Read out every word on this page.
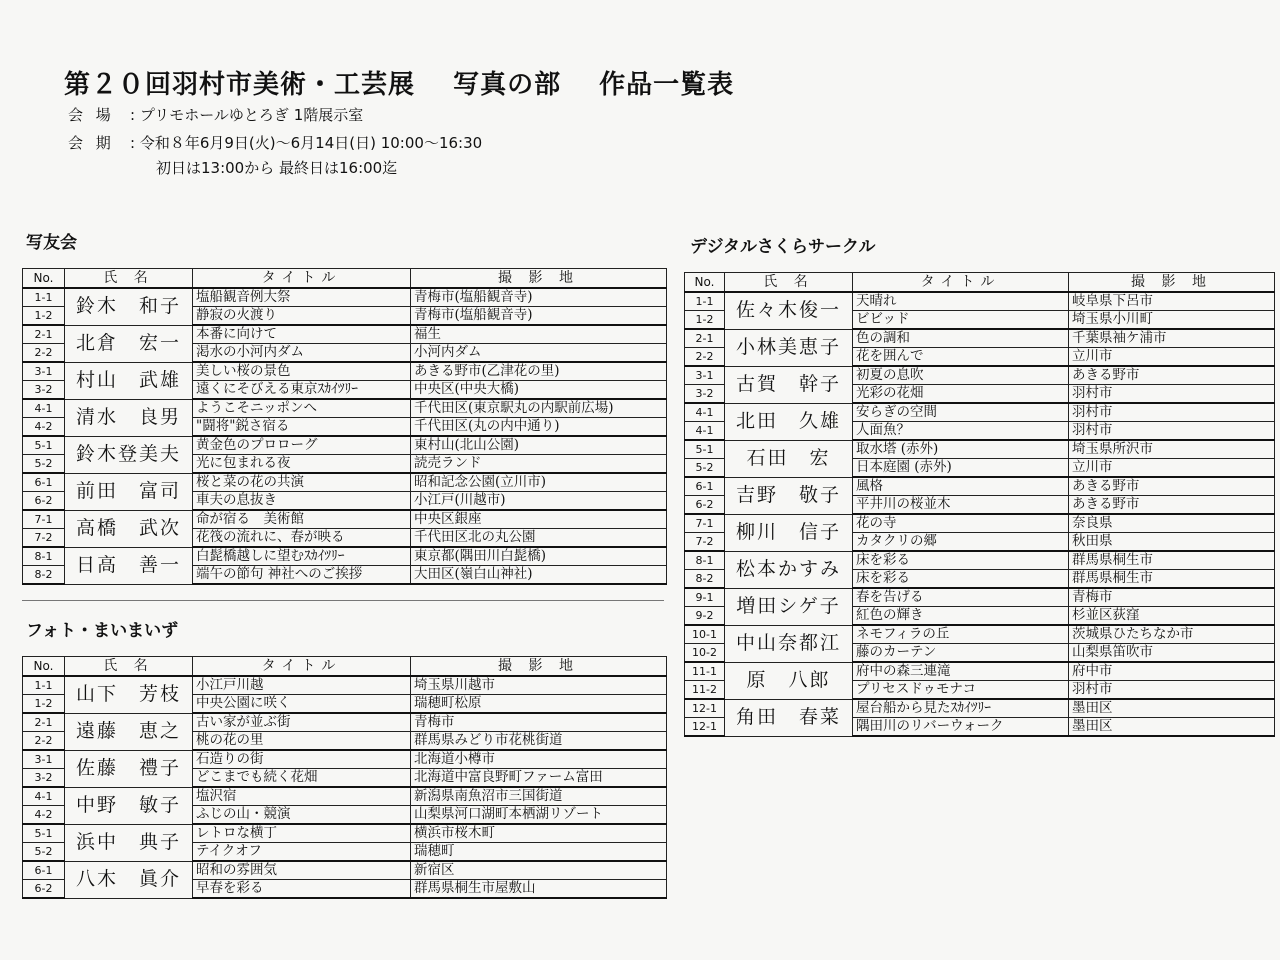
第２０回羽村市美術・工芸展 写真の部 作品一覧表
会 場 : プリモホールゆとろぎ 1階展示室
会 期 : 令和８年6月9日(火)～6月14日(日) 10:00～16:30
初日は13:00から 最終日は16:00迄
写友会
フォト・まいまいず
デジタルさくらサークル
No.	氏 名	タイトル	撮 影 地
1-1	鈴木　和子	塩船観音例大祭	青梅市(塩船観音寺)
1-2		静寂の火渡り	青梅市(塩船観音寺)
2-1	北倉　宏一	本番に向けて	福生
2-2		渇水の小河内ダム	小河内ダム
3-1	村山　武雄	美しい桜の景色	あきる野市(乙津花の里)
3-2		遠くにそびえる東京ｽｶｲﾂﾘｰ	中央区(中央大橋)
4-1	清水　良男	ようこそニッポンへ	千代田区(東京駅丸の内駅前広場)
4-2		"闘将"鋭さ宿る	千代田区(丸の内中通り)
5-1	鈴木登美夫	黄金色のプロローグ	東村山(北山公園)
5-2		光に包まれる夜	読売ランド
6-1	前田　富司	桜と菜の花の共演	昭和記念公園(立川市)
6-2		車夫の息抜き	小江戸(川越市)
7-1	高橋　武次	命が宿る　美術館	中央区銀座
7-2		花筏の流れに、春が映る	千代田区北の丸公園
8-1	日高　善一	白髭橋越しに望むｽｶｲﾂﾘｰ	東京都(隅田川白髭橋)
8-2		端午の節句 神社へのご挨拶	大田区(嶺白山神社)
No.	氏 名	タイトル	撮 影 地
1-1	山下　芳枝	小江戸川越	埼玉県川越市
1-2		中央公園に咲く	瑞穂町松原
2-1	遠藤　恵之	古い家が並ぶ街	青梅市
2-2		桃の花の里	群馬県みどり市花桃街道
3-1	佐藤　禮子	石造りの街	北海道小樽市
3-2		どこまでも続く花畑	北海道中富良野町ファーム富田
4-1	中野　敏子	塩沢宿	新潟県南魚沼市三国街道
4-2		ふじの山・競演	山梨県河口湖町本栖湖リゾート
5-1	浜中　典子	レトロな横丁	横浜市桜木町
5-2		テイクオフ	瑞穂町
6-1	八木　眞介	昭和の雰囲気	新宿区
6-2		早春を彩る	群馬県桐生市屋敷山
No.	氏 名	タイトル	撮 影 地
1-1	佐々木俊一	天晴れ	岐阜県下呂市
1-2		ビビッド	埼玉県小川町
2-1	小林美恵子	色の調和	千葉県袖ケ浦市
2-2		花を囲んで	立川市
3-1	古賀　幹子	初夏の息吹	あきる野市
3-2		光彩の花畑	羽村市
4-1	北田　久雄	安らぎの空間	羽村市
4-1		人面魚？	羽村市
5-1	石田　宏	取水塔 (赤外)	埼玉県所沢市
5-2		日本庭園 (赤外)	立川市
6-1	吉野　敬子	風格	あきる野市
6-2		平井川の桜並木	あきる野市
7-1	柳川　信子	花の寺	奈良県
7-2		カタクリの郷	秋田県
8-1	松本かすみ	床を彩る	群馬県桐生市
8-2		床を彩る	群馬県桐生市
9-1	増田シゲ子	春を告げる	青梅市
9-2		紅色の輝き	杉並区荻窪
10-1	中山奈都江	ネモフィラの丘	茨城県ひたちなか市
10-2		藤のカーテン	山梨県笛吹市
11-1	原　八郎	府中の森三連滝	府中市
11-2		プリセスドゥモナコ	羽村市
12-1	角田　春菜	屋台船から見たｽｶｲﾂﾘｰ	墨田区
12-1		隅田川のリバーウォーク	墨田区
